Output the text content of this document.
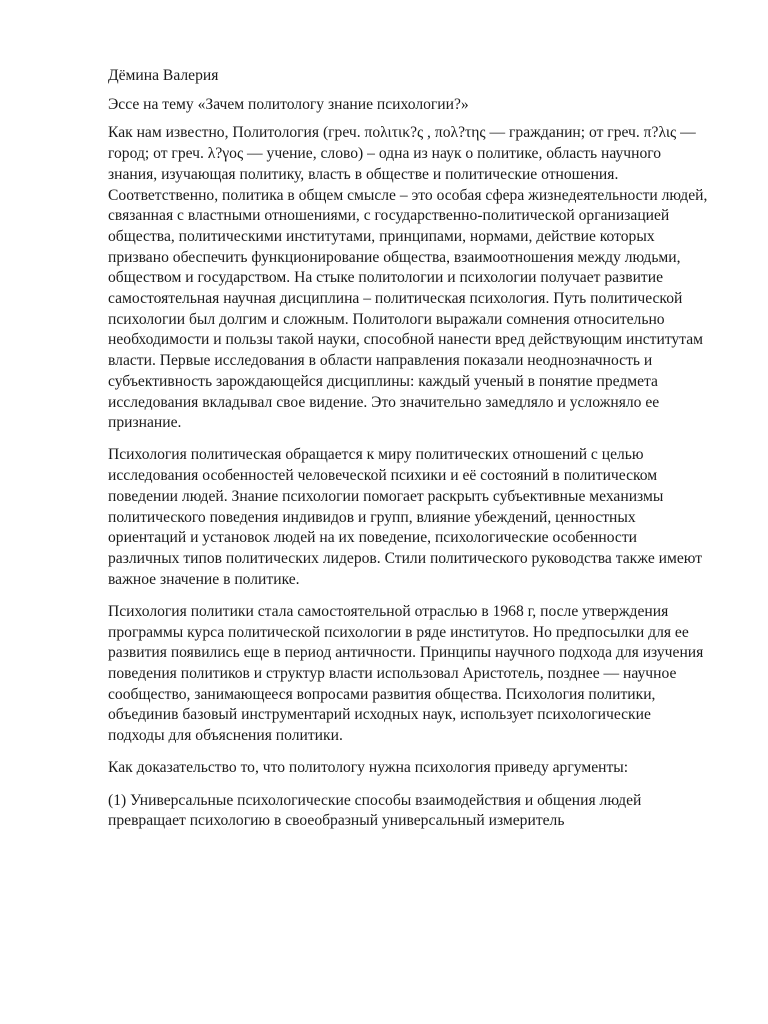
Дёмина Валерия

Эссе на тему «Зачем политологу знание психологии?»

Как нам известно, Политология (греч. πολιτικ?ς , πολ?της — гражданин; от греч. π?λις — город; от греч. λ?γος — учение, слово) – одна из наук о политике, область научного знания, изучающая политику, власть в обществе и политические отношения. Соответственно, политика в общем смысле – это особая сфера жизнедеятельности людей, связанная с властными отношениями, с государственно-политической организацией общества, политическими институтами, принципами, нормами, действие которых призвано обеспечить функционирование общества, взаимоотношения между людьми, обществом и государством. На стыке политологии и психологии получает развитие самостоятельная научная дисциплина – политическая психология. Путь политической психологии был долгим и сложным. Политологи выражали сомнения относительно необходимости и пользы такой науки, способной нанести вред действующим институтам власти. Первые исследования в области направления показали неоднозначность и субъективность зарождающейся дисциплины: каждый ученый в понятие предмета исследования вкладывал свое видение. Это значительно замедляло и усложняло ее признание.

Психология политическая обращается к миру политических отношений с целью исследования особенностей человеческой психики и её состояний в политическом поведении людей. Знание психологии помогает раскрыть субъективные механизмы политического поведения индивидов и групп, влияние убеждений, ценностных ориентаций и установок людей на их поведение, психологические особенности различных типов политических лидеров. Стили политического руководства также имеют важное значение в политике.

Психология политики стала самостоятельной отраслью в 1968 г, после утверждения программы курса политической психологии в ряде институтов. Но предпосылки для ее развития появились еще в период античности. Принципы научного подхода для изучения поведения политиков и структур власти использовал Аристотель, позднее — научное сообщество, занимающееся вопросами развития общества. Психология политики, объединив базовый инструментарий исходных наук, использует психологические подходы для объяснения политики.

Как доказательство то, что политологу нужна психология приведу аргументы:

(1) Универсальные психологические способы взаимодействия и общения людей превращает психологию в своеобразный универсальный измеритель
